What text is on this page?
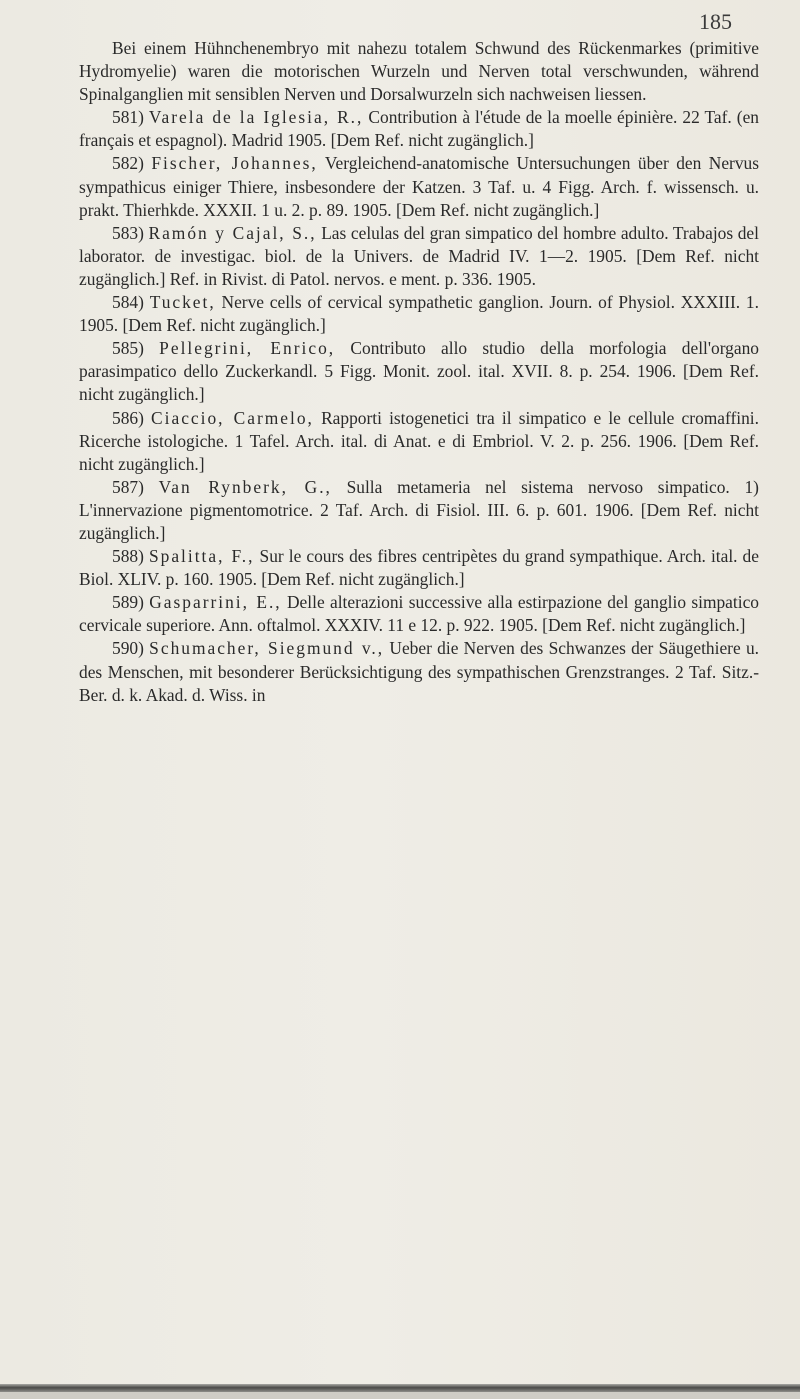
185

Bei einem Hühnchenembryo mit nahezu totalem Schwund des Rückenmarkes (primitive Hydromyelie) waren die motorischen Wurzeln und Nerven total verschwunden, während Spinalganglien mit sensiblen Nerven und Dorsalwurzeln sich nachweisen liessen.

581) Varela de la Iglesia, R., Contribution à l'étude de la moelle épinière. 22 Taf. (en français et espagnol). Madrid 1905. [Dem Ref. nicht zugänglich.]

582) Fischer, Johannes, Vergleichend-anatomische Untersuchungen über den Nervus sympathicus einiger Thiere, insbesondere der Katzen. 3 Taf. u. 4 Figg. Arch. f. wissensch. u. prakt. Thierhkde. XXXII. 1 u. 2. p. 89. 1905. [Dem Ref. nicht zugänglich.]

583) Ramón y Cajal, S., Las celulas del gran simpatico del hombre adulto. Trabajos del laborator. de investigac. biol. de la Univers. de Madrid IV. 1—2. 1905. [Dem Ref. nicht zugänglich.] Ref. in Rivist. di Patol. nervos. e ment. p. 336. 1905.

584) Tucket, Nerve cells of cervical sympathetic ganglion. Journ. of Physiol. XXXIII. 1. 1905. [Dem Ref. nicht zugänglich.]

585) Pellegrini, Enrico, Contributo allo studio della morfologia dell'organo parasimpatico dello Zuckerkandl. 5 Figg. Monit. zool. ital. XVII. 8. p. 254. 1906. [Dem Ref. nicht zugänglich.]

586) Ciaccio, Carmelo, Rapporti istogenetici tra il simpatico e le cellule cromaffini. Ricerche istologiche. 1 Tafel. Arch. ital. di Anat. e di Embriol. V. 2. p. 256. 1906. [Dem Ref. nicht zugänglich.]

587) Van Rynberk, G., Sulla metameria nel sistema nervoso simpatico. 1) L'innervazione pigmentomotrice. 2 Taf. Arch. di Fisiol. III. 6. p. 601. 1906. [Dem Ref. nicht zugänglich.]

588) Spalitta, F., Sur le cours des fibres centripètes du grand sympathique. Arch. ital. de Biol. XLIV. p. 160. 1905. [Dem Ref. nicht zugänglich.]

589) Gasparrini, E., Delle alterazioni successive alla estirpazione del ganglio simpatico cervicale superiore. Ann. oftalmol. XXXIV. 11 e 12. p. 922. 1905. [Dem Ref. nicht zugänglich.]

590) Schumacher, Siegmund v., Ueber die Nerven des Schwanzes der Säugethiere u. des Menschen, mit besonderer Berücksichtigung des sympathischen Grenzstranges. 2 Taf. Sitz.-Ber. d. k. Akad. d. Wiss. in
